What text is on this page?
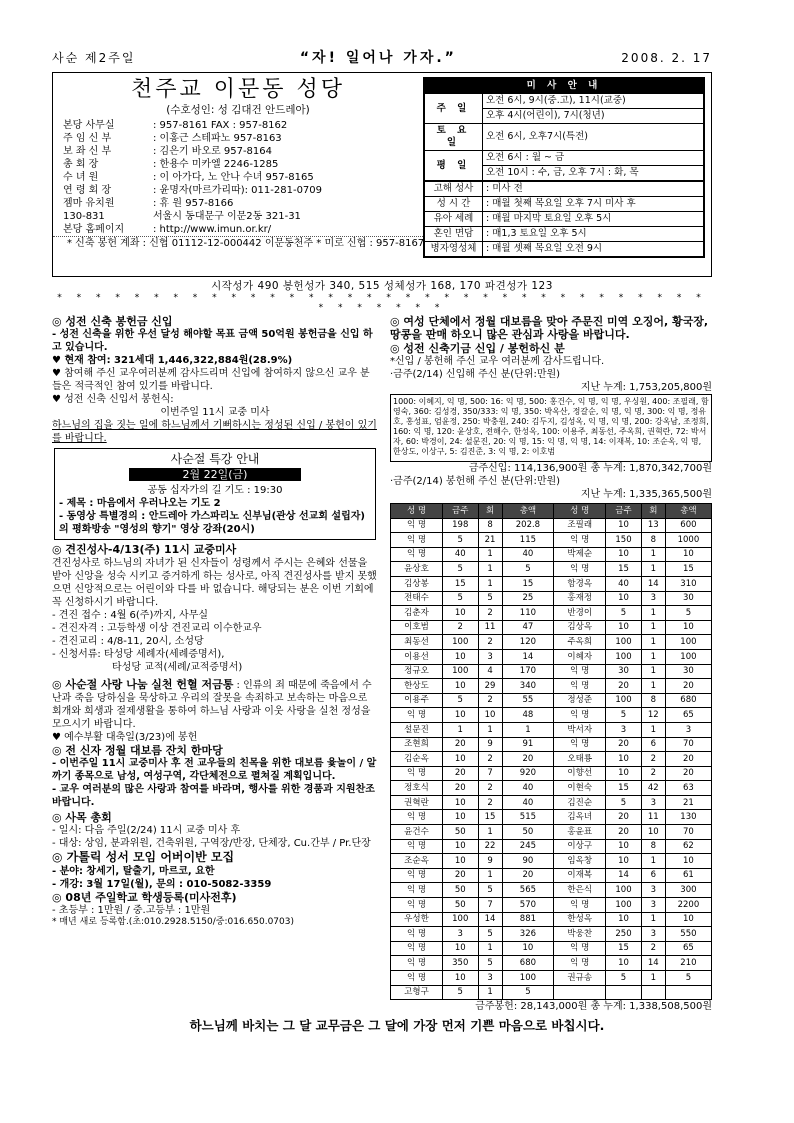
사순 제2주일	“자! 일어나 가자.”	2008. 2. 17
천주교 이문동 성당
(수호성인: 성 김대건 안드레아)
본당 사무실	: 957-8161 FAX : 957-8162
주 임 신 부	: 이홍근 스테파노 957-8163
보 좌 신 부	: 김은기 바오로 957-8164
총 회 장	: 한용수 미카엘 2246-1285
수 녀 원	: 이 아가다, 노 안나 수녀 957-8165
연 령 회 장	: 윤명자(마르가리따): 011-281-0709
젬마 유치원	: 휴 원 957-8166
130-831	서울시 동대문구 이문2동 321-31
본당 홈페이지	: http://www.imun.or.kr/
* 신축 봉헌 계좌 : 신협 01112-12-000442 이문동천주 * 미로 신협 : 957-8167
미 사 안 내	
주 일	오전 6시, 9시(중.고), 11시(교중)
	오후 4시(어린이), 7시(청년)
토 요 일	오전 6시, 오후7시(특전)
평 일	오전 6시 : 월 ~ 금
	오전 10시 : 수, 금, 오후 7시 : 화, 목
고해 성사	: 미사 전
성 시 간	: 매월 첫째 목요일 오후 7시 미사 후
유아 세례	: 매월 마지막 토요일 오후 5시
혼인 면담	: 매1,3 토요일 오후 5시
병자영성체	: 매월 셋째 목요일 오전 9시
시작성가 490 봉헌성가 340, 515 성체성가 168, 170 파견성가 123
* * * * * * * * * * * * * * * * * * * * * * * * * * * * * * * * * * * * * * * * *
◎ 성전 신축 봉헌금 신입
- 성전 신축을 위한 우선 달성 해야할 목표 금액 50억원 봉헌금을 신입 하고 있습니다.
♥ 현재 참여: 321세대 1,446,322,884원(28.9%)
♥ 참여해 주신 교우여러분께 감사드리며 신입에 참여하지 않으신 교우 분들은 적극적인 참여 있기를 바랍니다.
♥ 성전 신축 신입서 봉헌식:
이번주일 11시 교중 미사
하느님의 집을 짓는 일에 하느님께서 기뻐하시는 정성된 신입 / 봉헌이 있기를 바랍니다.
사순절 특강 안내
2월 22일(금)
공동 십자가의 길 기도 : 19:30
- 제목 : 마음에서 우러나오는 기도 2
- 동영상 특별경의 : 안드레아 가스파리노 신부님(관상 선교회 설립자)의 평화방송 "영성의 향기" 영상 강좌(20시)
◎ 견진성사-4/13(주) 11시 교중미사
견진성사로 하느님의 자녀가 된 신자들이 성령께서 주시는 은혜와 선물을 받아 신앙을 성숙 시키고 증거하게 하는 성사로, 아직 견진성사를 받지 못했으면 신앙적으로는 어린이와 다를 바 없습니다. 해당되는 분은 이번 기회에 꼭 신청하시기 바랍니다.
- 견진 접수 : 4월 6(주)까지, 사무실
- 견진자격 : 고등학생 이상 견진교리 이수한교우
- 견진교리 : 4/8-11, 20시, 소성당
- 신청서류: 타성당 세례자(세례증명서),
타성당 교적(세례/교적증명서)
◎ 사순절 사랑 나눔 실천 헌혈 저금통 : 인류의 죄 때문에 죽음에서 수난과 죽음 당하심을 묵상하고 우리의 잘못을 속죄하고 보속하는 마음으로 회개와 희생과 절제생활을 통하여 하느님 사랑과 이웃 사랑을 실천 정성을 모으시기 바랍니다.
♥ 예수부활 대축일(3/23)에 봉헌
◎ 전 신자 정월 대보름 잔치 한마당
- 이번주일 11시 교중미사 후 전 교우들의 친목을 위한 대보름 윷놀이 / 알까기 종목으로 남성, 여성구역, 각단체전으로 펼쳐질 계획입니다.
- 교우 여러분의 많은 사랑과 참여를 바라며, 행사를 위한 경품과 지원찬조 바랍니다.
◎ 사목 총회
- 일시: 다음 주일(2/24) 11시 교중 미사 후
- 대상: 상임, 분과위원, 건축위원, 구역장/반장, 단체장, Cu.간부 / Pr.단장
◎ 가톨릭 성서 모임 어버이반 모집
- 분야: 창세기, 탈출기, 마르코, 요한
- 개강: 3월 17일(월), 문의 : 010-5082-3359
◎ 08년 주일학교 학생등록(미사전후)
- 초등부 : 1만원 / 중.고등부 : 1만원
* 매년 새로 등록함.(초:010.2928.5150/중:016.650.0703)
◎ 여성 단체에서 정월 대보름을 맞아 주문진 미역 오징어, 황국장, 땅콩을 판매 하오니 많은 관심과 사랑을 바랍니다.
◎ 성전 신축기금 신입 / 봉헌하신 분
*신입 / 봉헌해 주신 교우 여러분께 감사드립니다.
·금주(2/14) 신입해 주신 분(단위:만원)
지난 누계: 1,753,205,800원
1000: 이혜지, 익 명, 500: 16: 익 명, 500: 홍건수, 익 명, 익 명, 우싱원, 400: 조필래, 함영숙, 360: 김성경, 350/333: 익 명, 350: 박옥산, 정갈순, 익 명, 익 명, 300: 익 명, 정유호, 홍성표, 엄윤정, 250: 박충원, 240: 김두지, 김성옥, 익 명, 익 명, 200: 강옥남, 조정희, 160: 익 명, 120: 윤상호, 전해수, 한성옥, 100: 이용주, 최동선, 주옥희, 권혁란, 72: 박서자, 60: 박경이, 24: 설문진, 20: 익 명, 15: 익 명, 익 명, 14: 이재복, 10: 조순옥, 익 명, 한상도, 이상구, 5: 김진준, 3: 익 명, 2: 이호범
금주신입: 114,136,900원 총 누계: 1,870,342,700원
·금주(2/14) 봉헌해 주신 분(단위:만원)
지난 누계: 1,335,365,500원
성 명	금주	회	총액	성 명	금주	회	총액
익 명	198	8	202.8	조필래	10	13	600
익 명	5	21	115	익 명	150	8	1000
익 명	40	1	40	박제순	10	1	10
윤상호	5	1	5	익 명	15	1	15
김상봉	15	1	15	함경옥	40	14	310
전태수	5	5	25	홍재정	10	3	30
김춘자	10	2	110	반경이	5	1	5
이호범	2	11	47	김상옥	10	1	10
최동선	100	2	120	주옥희	100	1	100
이용선	10	3	14	이혜자	100	1	100
정규오	100	4	170	익 명	30	1	30
한상도	10	29	340	익 명	20	1	20
이용주	5	2	55	정성준	100	8	680
익 명	10	10	48	익 명	5	12	65
설문진	1	1	1	박서자	3	1	3
조현희	20	9	91	익 명	20	6	70
김순옥	10	2	20	오태룡	10	2	20
익 명	20	7	920	이향선	10	2	20
정호식	20	2	40	이현숙	15	42	63
권혁란	10	2	40	김진순	5	3	21
익 명	10	15	515	김옥녀	20	11	130
윤건수	50	1	50	홍윤표	20	10	70
익 명	10	22	245	이상구	10	8	62
조순옥	10	9	90	임옥창	10	1	10
익 명	20	1	20	이재복	14	6	61
익 명	50	5	565	한은식	100	3	300
익 명	50	7	570	익 명	100	3	2200
우성한	100	14	881	한성옥	10	1	10
익 명	3	5	326	박웅찬	250	3	550
익 명	10	1	10	익 명	15	2	65
익 명	350	5	680	익 명	10	14	210
익 명	10	3	100	권규송	5	1	5
고형구	5	1	5				
금주봉헌: 28,143,000원 총 누계: 1,338,508,500원
하느님께 바치는 그 달 교무금은 그 달에 가장 먼저 기쁜 마음으로 바칩시다.
